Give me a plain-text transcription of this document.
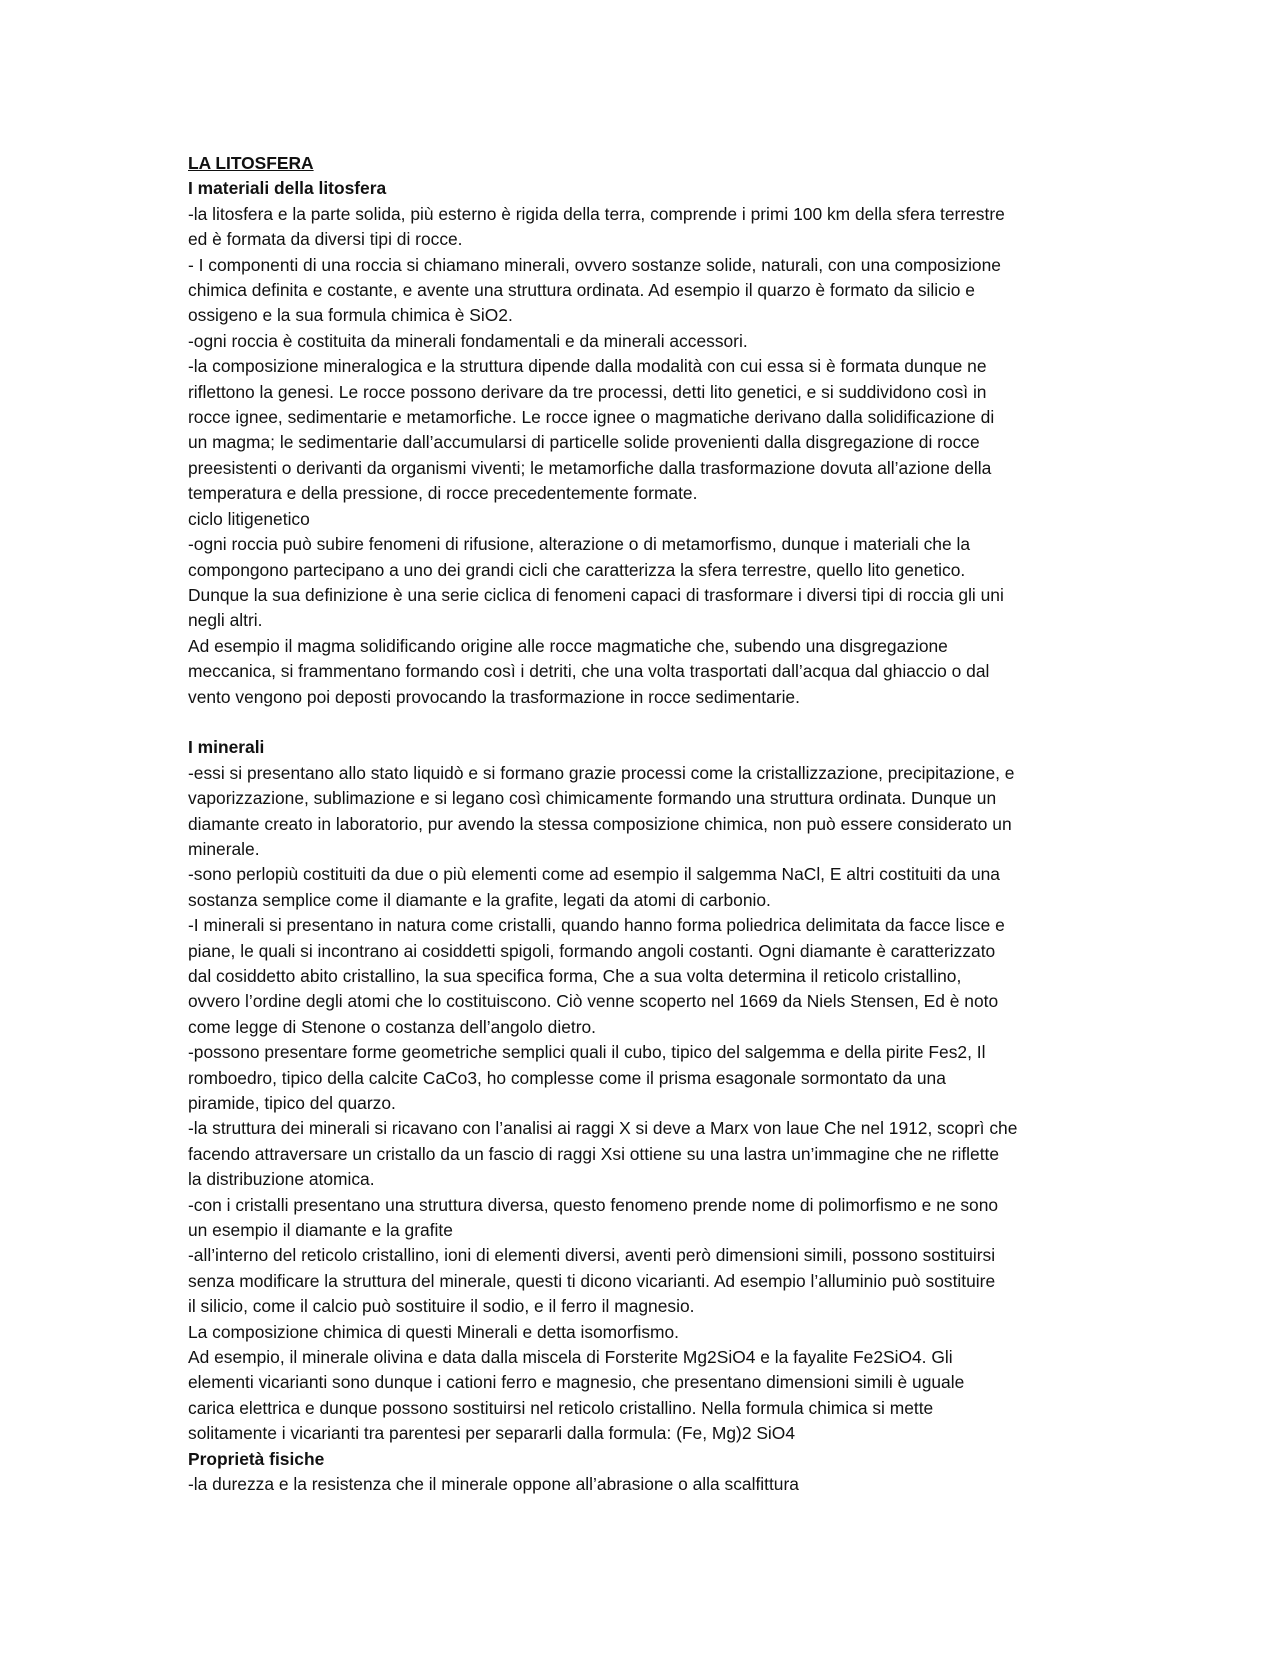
LA LITOSFERA
I materiali della litosfera
-la litosfera e la parte solida, più esterno è rigida della terra, comprende i primi 100 km della sfera terrestre
ed è formata da diversi tipi di rocce.
- I componenti di una roccia si chiamano minerali, ovvero sostanze solide, naturali, con una composizione
chimica definita e costante, e avente una struttura ordinata. Ad esempio il quarzo è formato da silicio e
ossigeno e la sua formula chimica è SiO2.
-ogni roccia è costituita da minerali fondamentali e da minerali accessori.
-la composizione mineralogica e la struttura dipende dalla modalità con cui essa si è formata dunque ne
riflettono la genesi. Le rocce possono derivare da tre processi, detti lito genetici, e si suddividono così in
rocce ignee, sedimentarie e metamorfiche. Le rocce ignee o magmatiche derivano dalla solidificazione di
un magma; le sedimentarie dall’accumularsi di particelle solide provenienti dalla disgregazione di rocce
preesistenti o derivanti da organismi viventi; le metamorfiche dalla trasformazione dovuta all’azione della
temperatura e della pressione, di rocce precedentemente formate.
ciclo litigenetico
-ogni roccia può subire fenomeni di rifusione, alterazione o di metamorfismo, dunque i materiali che la
compongono partecipano a uno dei grandi cicli che caratterizza la sfera terrestre, quello lito genetico.
Dunque la sua definizione è una serie ciclica di fenomeni capaci di trasformare i diversi tipi di roccia gli uni
negli altri.
Ad esempio il magma solidificando origine alle rocce magmatiche che, subendo una disgregazione
meccanica, si frammentano formando così i detriti, che una volta trasportati dall’acqua dal ghiaccio o dal
vento vengono poi deposti provocando la trasformazione in rocce sedimentarie.
I minerali
-essi si presentano allo stato liquidò e si formano grazie processi come la cristallizzazione, precipitazione, e
vaporizzazione, sublimazione e si legano così chimicamente formando una struttura ordinata. Dunque un
diamante creato in laboratorio, pur avendo la stessa composizione chimica, non può essere considerato un
minerale.
-sono perlopiù costituiti da due o più elementi come ad esempio il salgemma NaCl, E altri costituiti da una
sostanza semplice come il diamante e la grafite, legati da atomi di carbonio.
-I minerali si presentano in natura come cristalli, quando hanno forma poliedrica delimitata da facce lisce e
piane, le quali si incontrano ai cosiddetti spigoli, formando angoli costanti. Ogni diamante è caratterizzato
dal cosiddetto abito cristallino, la sua specifica forma, Che a sua volta determina il reticolo cristallino,
ovvero l’ordine degli atomi che lo costituiscono. Ciò venne scoperto nel 1669 da Niels Stensen, Ed è noto
come legge di Stenone o costanza dell’angolo dietro.
-possono presentare forme geometriche semplici quali il cubo, tipico del salgemma e della pirite Fes2, Il
romboedro, tipico della calcite CaCo3, ho complesse come il prisma esagonale sormontato da una
piramide, tipico del quarzo.
-la struttura dei minerali si ricavano con l’analisi ai raggi X si deve a Marx von laue Che nel 1912, scoprì che
facendo attraversare un cristallo da un fascio di raggi Xsi ottiene su una lastra un’immagine che ne riflette
la distribuzione atomica.
-con i cristalli presentano una struttura diversa, questo fenomeno prende nome di polimorfismo e ne sono
un esempio il diamante e la grafite
-all’interno del reticolo cristallino, ioni di elementi diversi, aventi però dimensioni simili, possono sostituirsi
senza modificare la struttura del minerale, questi ti dicono vicarianti. Ad esempio l’alluminio può sostituire
il silicio, come il calcio può sostituire il sodio, e il ferro il magnesio.
La composizione chimica di questi Minerali e detta isomorfismo.
Ad esempio, il minerale olivina e data dalla miscela di Forsterite Mg2SiO4 e la fayalite Fe2SiO4. Gli
elementi vicarianti sono dunque i cationi ferro e magnesio, che presentano dimensioni simili è uguale
carica elettrica e dunque possono sostituirsi nel reticolo cristallino. Nella formula chimica si mette
solitamente i vicarianti tra parentesi per separarli dalla formula: (Fe, Mg)2 SiO4
Proprietà fisiche
-la durezza e la resistenza che il minerale oppone all’abrasione o alla scalfittura
